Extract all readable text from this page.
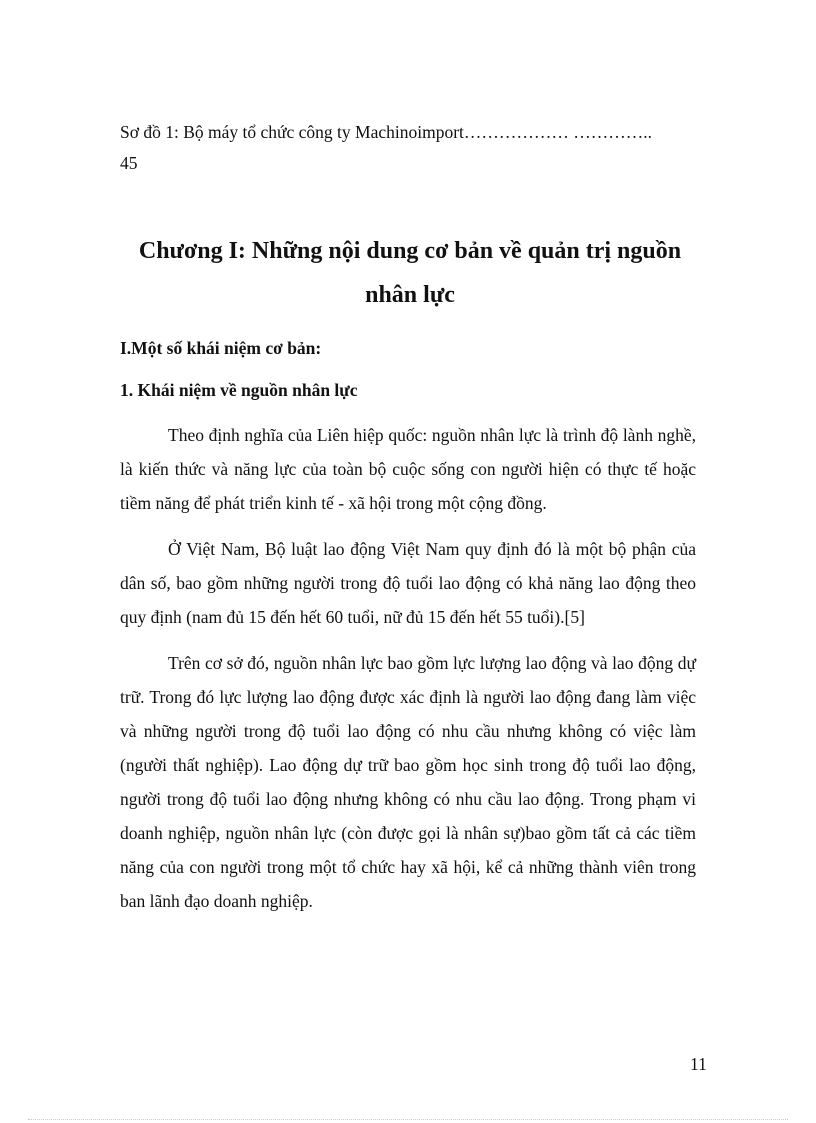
Sơ đồ 1: Bộ máy tổ chức công ty Machinoimport……………… …………..
45
Chương I: Những nội dung cơ bản về quản trị nguồn nhân lực
I.Một số khái niệm cơ bản:
1. Khái niệm về nguồn nhân lực

Theo định nghĩa của Liên hiệp quốc: nguồn nhân lực là trình độ lành nghề, là kiến thức và năng lực của toàn bộ cuộc sống con người hiện có thực tế hoặc tiềm năng để phát triển kinh tế - xã hội trong một cộng đồng.

Ở Việt Nam, Bộ luật lao động Việt Nam quy định đó là một bộ phận của dân số, bao gồm những người trong độ tuổi lao động có khả năng lao động theo quy định (nam đủ 15 đến hết 60 tuổi, nữ đủ 15 đến hết 55 tuổi).[5]

Trên cơ sở đó, nguồn nhân lực bao gồm lực lượng lao động và lao động dự trữ. Trong đó lực lượng lao động được xác định là người lao động đang làm việc và những người trong độ tuổi lao động có nhu cầu nhưng không có việc làm (người thất nghiệp). Lao động dự trữ bao gồm học sinh trong độ tuổi lao động, người trong độ tuổi lao động nhưng không có nhu cầu lao động. Trong phạm vi doanh nghiệp, nguồn nhân lực (còn được gọi là nhân sự)bao gồm tất cả các tiềm năng của con người trong một tổ chức hay xã hội, kể cả những thành viên trong ban lãnh đạo doanh nghiệp.

11
